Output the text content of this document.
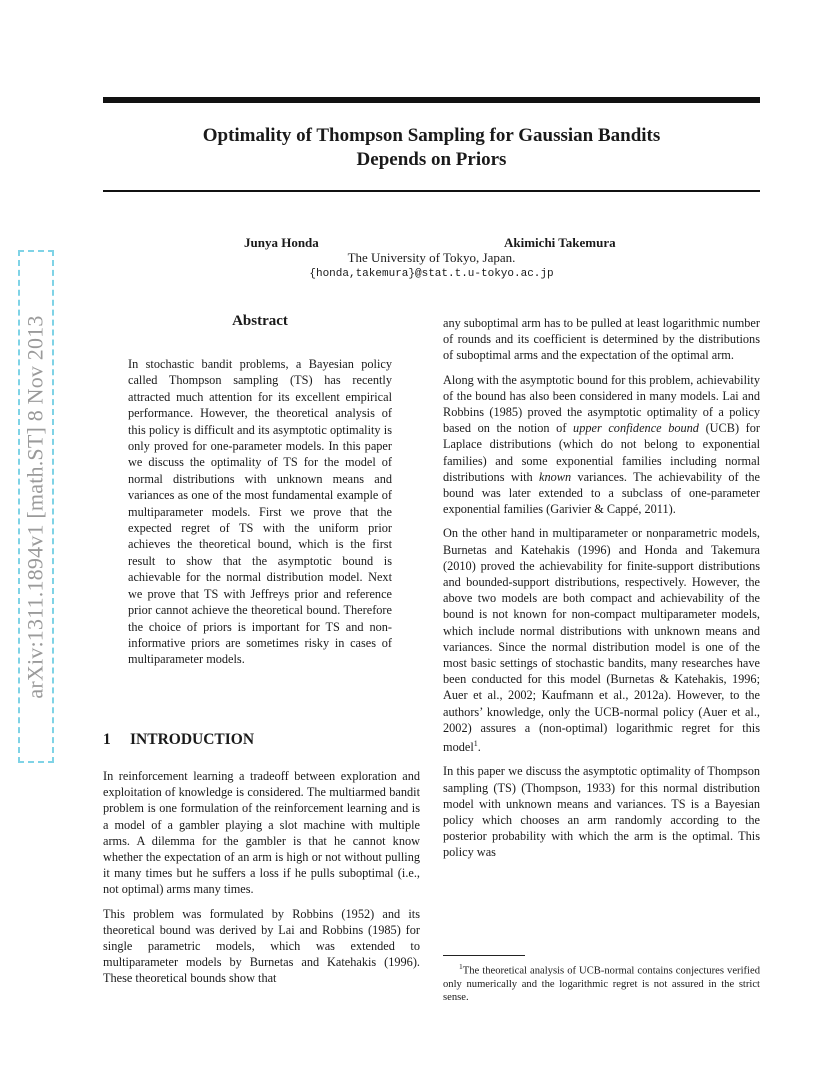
Optimality of Thompson Sampling for Gaussian Bandits
Depends on Priors
arXiv:1311.1894v1 [math.ST] 8 Nov 2013
Junya Honda	Akimichi Takemura
The University of Tokyo, Japan.
{honda,takemura}@stat.t.u-tokyo.ac.jp
Abstract

In stochastic bandit problems, a Bayesian policy called Thompson sampling (TS) has recently attracted much attention for its excellent empirical performance. However, the theoretical analysis of this policy is difficult and its asymptotic optimality is only proved for one-parameter models. In this paper we discuss the optimality of TS for the model of normal distributions with unknown means and variances as one of the most fundamental example of multiparameter models. First we prove that the expected regret of TS with the uniform prior achieves the theoretical bound, which is the first result to show that the asymptotic bound is achievable for the normal distribution model. Next we prove that TS with Jeffreys prior and reference prior cannot achieve the theoretical bound. Therefore the choice of priors is important for TS and non-informative priors are sometimes risky in cases of multiparameter models.

1 INTRODUCTION

In reinforcement learning a tradeoff between exploration and exploitation of knowledge is considered. The multiarmed bandit problem is one formulation of the reinforcement learning and is a model of a gambler playing a slot machine with multiple arms. A dilemma for the gambler is that he cannot know whether the expectation of an arm is high or not without pulling it many times but he suffers a loss if he pulls suboptimal (i.e., not optimal) arms many times.

This problem was formulated by Robbins (1952) and its theoretical bound was derived by Lai and Robbins (1985) for single parametric models, which was extended to multiparameter models by Burnetas and Katehakis (1996). These theoretical bounds show that

any suboptimal arm has to be pulled at least logarithmic number of rounds and its coefficient is determined by the distributions of suboptimal arms and the expectation of the optimal arm.

Along with the asymptotic bound for this problem, achievability of the bound has also been considered in many models. Lai and Robbins (1985) proved the asymptotic optimality of a policy based on the notion of upper confidence bound (UCB) for Laplace distributions (which do not belong to exponential families) and some exponential families including normal distributions with known variances. The achievability of the bound was later extended to a subclass of one-parameter exponential families (Garivier & Cappé, 2011).

On the other hand in multiparameter or nonparametric models, Burnetas and Katehakis (1996) and Honda and Takemura (2010) proved the achievability for finite-support distributions and bounded-support distributions, respectively. However, the above two models are both compact and achievability of the bound is not known for non-compact multiparameter models, which include normal distributions with unknown means and variances. Since the normal distribution model is one of the most basic settings of stochastic bandits, many researches have been conducted for this model (Burnetas & Katehakis, 1996; Auer et al., 2002; Kaufmann et al., 2012a). However, to the authors’ knowledge, only the UCB-normal policy (Auer et al., 2002) assures a (non-optimal) logarithmic regret for this model$^1$.

In this paper we discuss the asymptotic optimality of Thompson sampling (TS) (Thompson, 1933) for this normal distribution model with unknown means and variances. TS is a Bayesian policy which chooses an arm randomly according to the posterior probability with which the arm is the optimal. This policy was

$^1$The theoretical analysis of UCB-normal contains conjectures verified only numerically and the logarithmic regret is not assured in the strict sense.
